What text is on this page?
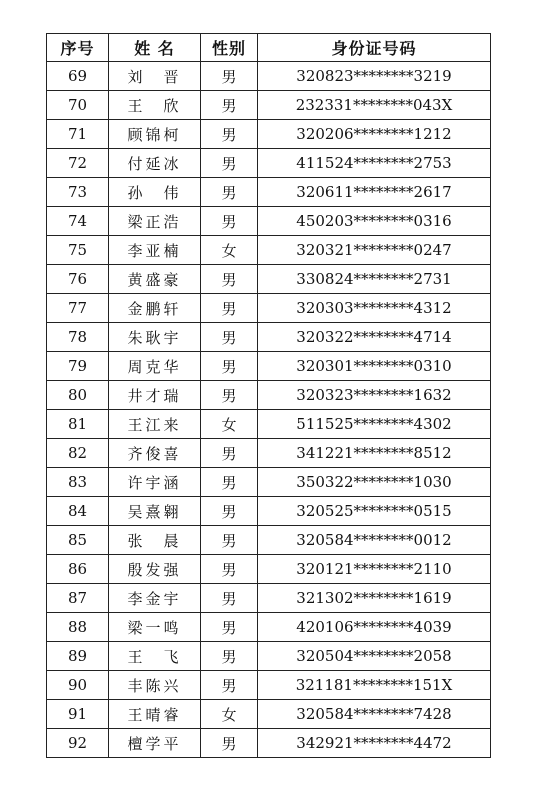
序号	姓 名	性别	身份证号码
69	刘　晋	男	320823********3219
70	王　欣	男	232331********043X
71	顾锦柯	男	320206********1212
72	付延冰	男	411524********2753
73	孙　伟	男	320611********2617
74	梁正浩	男	450203********0316
75	李亚楠	女	320321********0247
76	黄盛豪	男	330824********2731
77	金鹏轩	男	320303********4312
78	朱耿宇	男	320322********4714
79	周克华	男	320301********0310
80	井才瑞	男	320323********1632
81	王江来	女	511525********4302
82	齐俊喜	男	341221********8512
83	许宇涵	男	350322********1030
84	吴熹翱	男	320525********0515
85	张　晨	男	320584********0012
86	殷发强	男	320121********2110
87	李金宇	男	321302********1619
88	梁一鸣	男	420106********4039
89	王　飞	男	320504********2058
90	丰陈兴	男	321181********151X
91	王晴睿	女	320584********7428
92	檀学平	男	342921********4472
